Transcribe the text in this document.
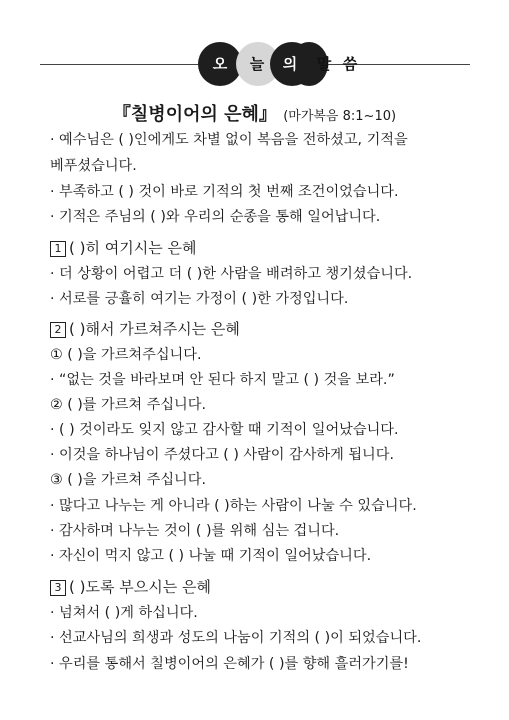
오	늘	의	말 씀
『칠병이어의 은혜』 (마가복음 8:1~10)
· 예수님은 ( )인에게도 차별 없이 복음을 전하셨고, 기적을
베푸셨습니다.
· 부족하고 ( ) 것이 바로 기적의 첫 번째 조건이었습니다.
· 기적은 주님의 ( )와 우리의 순종을 통해 일어납니다.
1 ( )히 여기시는 은혜
· 더 상황이 어렵고 더 ( )한 사람을 배려하고 챙기셨습니다.
· 서로를 긍휼히 여기는 가정이 ( )한 가정입니다.
2 ( )해서 가르쳐주시는 은혜
① ( )을 가르쳐주십니다.
· “없는 것을 바라보며 안 된다 하지 말고 ( ) 것을 보라.”
② ( )를 가르쳐 주십니다.
· ( ) 것이라도 잊지 않고 감사할 때 기적이 일어났습니다.
· 이것을 하나님이 주셨다고 ( ) 사람이 감사하게 됩니다.
③ ( )을 가르쳐 주십니다.
· 많다고 나누는 게 아니라 ( )하는 사람이 나눌 수 있습니다.
· 감사하며 나누는 것이 ( )를 위해 심는 겁니다.
· 자신이 먹지 않고 ( ) 나눌 때 기적이 일어났습니다.
3 ( )도록 부으시는 은혜
· 넘쳐서 ( )게 하십니다.
· 선교사님의 희생과 성도의 나눔이 기적의 ( )이 되었습니다.
· 우리를 통해서 칠병이어의 은혜가 ( )를 향해 흘러가기를!
